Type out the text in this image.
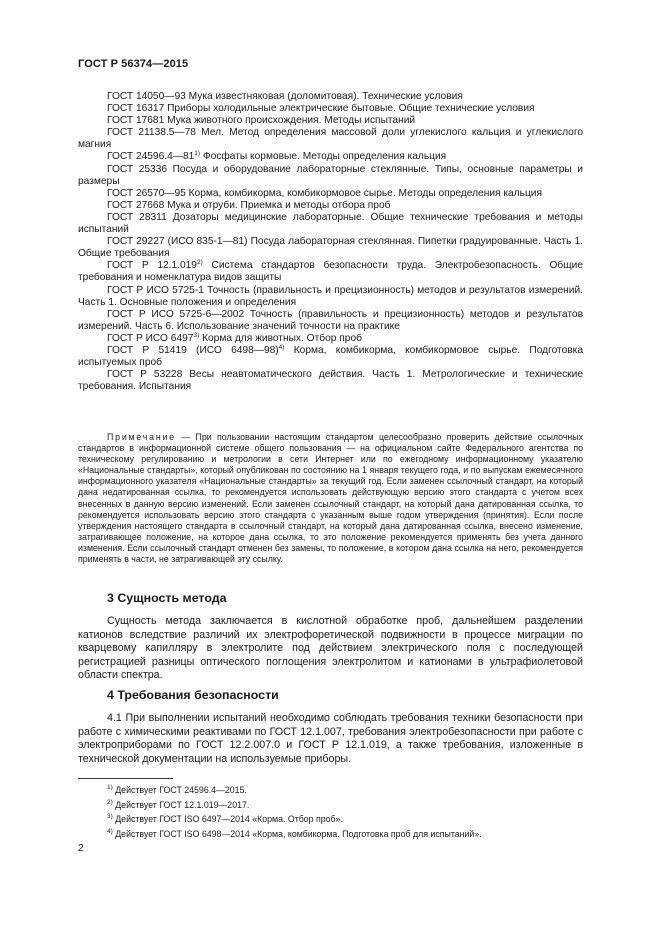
ГОСТ Р 56374—2015

ГОСТ 14050—93 Мука известняковая (доломитовая). Технические условия

ГОСТ 16317 Приборы холодильные электрические бытовые. Общие технические условия

ГОСТ 17681 Мука животного происхождения. Методы испытаний

ГОСТ 21138.5—78 Мел. Метод определения массовой доли углекислого кальция и углекислого магния

ГОСТ 24596.4—81$^{1)}$ Фосфаты кормовые. Методы определения кальция

ГОСТ 25336 Посуда и оборудование лабораторные стеклянные. Типы, основные параметры и размеры

ГОСТ 26570—95 Корма, комбикорма, комбикормовое сырье. Методы определения кальция

ГОСТ 27668 Мука и отруби. Приемка и методы отбора проб

ГОСТ 28311 Дозаторы медицинские лабораторные. Общие технические требования и методы испытаний

ГОСТ 29227 (ИСО 835-1—81) Посуда лабораторная стеклянная. Пипетки градуированные. Часть 1. Общие требования

ГОСТ Р 12.1.019$^{2)}$ Система стандартов безопасности труда. Электробезопасность. Общие требования и номенклатура видов защиты

ГОСТ Р ИСО 5725-1 Точность (правильность и прецизионность) методов и результатов измерений. Часть 1. Основные положения и определения

ГОСТ Р ИСО 5725-6—2002 Точность (правильность и прецизионность) методов и результатов измерений. Часть 6. Использование значений точности на практике

ГОСТ Р ИСО 6497$^{3)}$ Корма для животных. Отбор проб

ГОСТ Р 51419 (ИСО 6498—98)$^{4)}$ Корма, комбикорма, комбикормовое сырье. Подготовка испытуемых проб

ГОСТ Р 53228 Весы неавтоматического действия. Часть 1. Метрологические и технические требования. Испытания

Примечание — При пользовании настоящим стандартом целесообразно проверить действие ссылочных стандартов в информационной системе общего пользования — на официальном сайте Федерального агентства по техническому регулированию и метрологии в сети Интернет или по ежегодному информационному указателю «Национальные стандарты», который опубликован по состоянию на 1 января текущего года, и по выпускам ежемесячного информационного указателя «Национальные стандарты» за текущий год. Если заменен ссылочный стандарт, на который дана недатированная ссылка, то рекомендуется использовать действующую версию этого стандарта с учетом всех внесенных в данную версию изменений. Если заменен ссылочный стандарт, на который дана датированная ссылка, то рекомендуется использовать версию этого стандарта с указанным выше годом утверждения (принятия). Если после утверждения настоящего стандарта в ссылочный стандарт, на который дана датированная ссылка, внесено изменение, затрагивающее положение, на которое дана ссылка, то это положение рекомендуется применять без учета данного изменения. Если ссылочный стандарт отменен без замены, то положение, в котором дана ссылка на него, рекомендуется применять в части, не затрагивающей эту ссылку.

3 Сущность метода

Сущность метода заключается в кислотной обработке проб, дальнейшем разделении катионов вследствие различий их электрофоретической подвижности в процессе миграции по кварцевому капилляру в электролите под действием электрического поля с последующей регистрацией разницы оптического поглощения электролитом и катионами в ультрафиолетовой области спектра.

4 Требования безопасности

4.1 При выполнении испытаний необходимо соблюдать требования техники безопасности при работе с химическими реактивами по ГОСТ 12.1.007, требования электробезопасности при работе с электроприборами по ГОСТ 12.2.007.0 и ГОСТ Р 12.1.019, а также требования, изложенные в технической документации на используемые приборы.

$^{1)}$ Действует ГОСТ 24596.4—2015.
$^{2)}$ Действует ГОСТ 12.1.019—2017.
$^{3)}$ Действует ГОСТ ISO 6497—2014 «Корма. Отбор проб».
$^{4)}$ Действует ГОСТ ISO 6498—2014 «Корма, комбикорма. Подготовка проб для испытаний».
2
